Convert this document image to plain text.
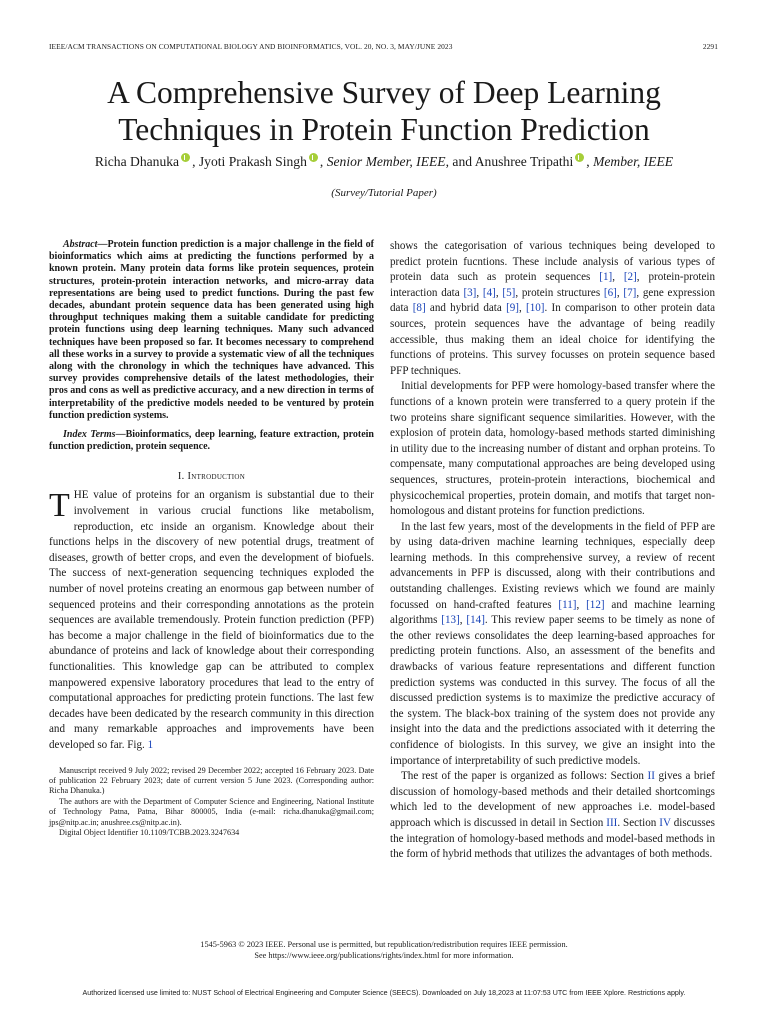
IEEE/ACM TRANSACTIONS ON COMPUTATIONAL BIOLOGY AND BIOINFORMATICS, VOL. 20, NO. 3, MAY/JUNE 2023	2291
A Comprehensive Survey of Deep Learning
Techniques in Protein Function Prediction
Richa Dhanuka , Jyoti Prakash Singh , Senior Member, IEEE, and Anushree Tripathi , Member, IEEE
(Survey/Tutorial Paper)

Abstract—Protein function prediction is a major challenge in the field of bioinformatics which aims at predicting the functions performed by a known protein. Many protein data forms like protein sequences, protein structures, protein-protein interaction networks, and micro-array data representations are being used to predict functions. During the past few decades, abundant protein sequence data has been generated using high throughput techniques making them a suitable candidate for predicting protein functions using deep learning techniques. Many such advanced techniques have been proposed so far. It becomes necessary to comprehend all these works in a survey to provide a systematic view of all the techniques along with the chronology in which the techniques have advanced. This survey provides comprehensive details of the latest methodologies, their pros and cons as well as predictive accuracy, and a new direction in terms of interpretability of the predictive models needed to be ventured by protein function prediction systems.

Index Terms—Bioinformatics, deep learning, feature extraction, protein function prediction, protein sequence.

I. Introduction

THE value of proteins for an organism is substantial due to their involvement in various crucial functions like metabolism, reproduction, etc inside an organism. Knowledge about their functions helps in the discovery of new potential drugs, treatment of diseases, growth of better crops, and even the development of biofuels. The success of next-generation sequencing techniques exploded the number of novel proteins creating an enormous gap between number of sequenced proteins and their corresponding annotations as the protein sequences are available tremendously. Protein function prediction (PFP) has become a major challenge in the field of bioinformatics due to the abundance of proteins and lack of knowledge about their corresponding functionalities. This knowledge gap can be attributed to complex manpowered expensive laboratory procedures that lead to the entry of computational approaches for predicting protein functions. The last few decades have been dedicated by the research community in this direction and many remarkable approaches and improvements have been developed so far. Fig. 1

Manuscript received 9 July 2022; revised 29 December 2022; accepted 16 February 2023. Date of publication 22 February 2023; date of current version 5 June 2023. (Corresponding author: Richa Dhanuka.)

The authors are with the Department of Computer Science and Engineering, National Institute of Technology Patna, Patna, Bihar 800005, India (e-mail: richa.dhanuka@gmail.com; jps@nitp.ac.in; anushree.cs@nitp.ac.in).

Digital Object Identifier 10.1109/TCBB.2023.3247634

shows the categorisation of various techniques being developed to predict protein fucntions. These include analysis of various types of protein data such as protein sequences [1], [2], protein-protein interaction data [3], [4], [5], protein structures [6], [7], gene expression data [8] and hybrid data [9], [10]. In comparison to other protein data sources, protein sequences have the advantage of being readily accessible, thus making them an ideal choice for identifying the functions of proteins. This survey focusses on protein sequence based PFP techniques.

Initial developments for PFP were homology-based transfer where the functions of a known protein were transferred to a query protein if the two proteins share significant sequence similarities. However, with the explosion of protein data, homology-based methods started diminishing in utility due to the increasing number of distant and orphan proteins. To compensate, many computational approaches are being developed using sequences, structures, protein-protein interactions, biochemical and physicochemical properties, protein domain, and motifs that target non-homologous and distant proteins for function predictions.

In the last few years, most of the developments in the field of PFP are by using data-driven machine learning techniques, especially deep learning methods. In this comprehensive survey, a review of recent advancements in PFP is discussed, along with their contributions and outstanding challenges. Existing reviews which we found are mainly focussed on hand-crafted features [11], [12] and machine learning algorithms [13], [14]. This review paper seems to be timely as none of the other reviews consolidates the deep learning-based approaches for predicting protein functions. Also, an assessment of the benefits and drawbacks of various feature representations and different function prediction systems was conducted in this survey. The focus of all the discussed prediction systems is to maximize the predictive accuracy of the system. The black-box training of the system does not provide any insight into the data and the predictions associated with it deterring the confidence of biologists. In this survey, we give an insight into the importance of interpretability of such predictive models.

The rest of the paper is organized as follows: Section II gives a brief discussion of homology-based methods and their detailed shortcomings which led to the development of new approaches i.e. model-based approach which is discussed in detail in Section III. Section IV discusses the integration of homology-based methods and model-based methods in the form of hybrid methods that utilizes the advantages of both methods.

1545-5963 © 2023 IEEE. Personal use is permitted, but republication/redistribution requires IEEE permission.
See https://www.ieee.org/publications/rights/index.html for more information.
Authorized licensed use limited to: NUST School of Electrical Engineering and Computer Science (SEECS). Downloaded on July 18,2023 at 11:07:53 UTC from IEEE Xplore. Restrictions apply.
